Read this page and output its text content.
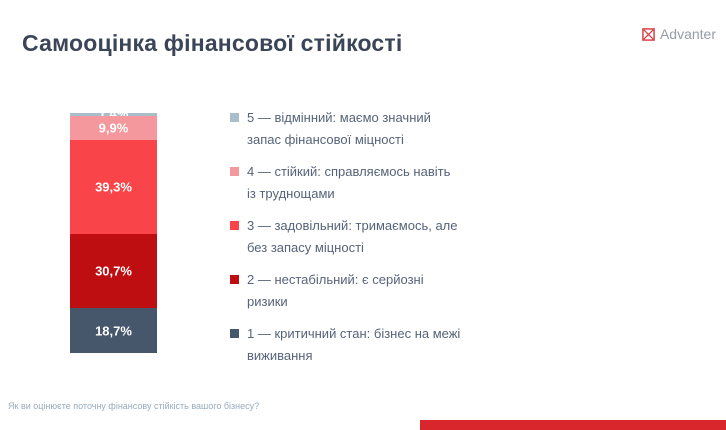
Самооцінка фінансової стійкості	Advanter
9,9%
39,3%
30,7%
18,7%
5 — відмінний: маємо значний запас фінансової міцності
4 — стійкий: справляємось навіть із труднощами
3 — задовільний: тримаємось, але без запасу міцності
2 — нестабільний: є серйозні ризики
1 — критичний стан: бізнес на межі виживання
Як ви оцінюєте поточну фінансову стійкість вашого бізнесу?
